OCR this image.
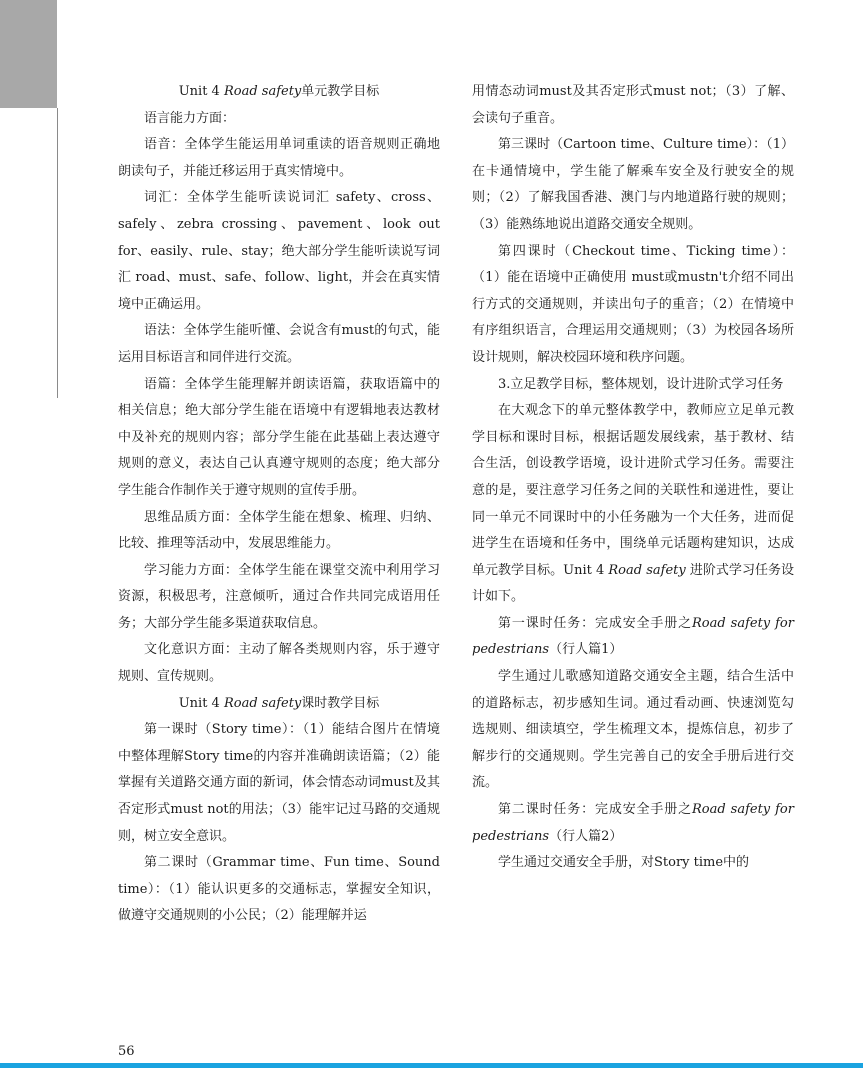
Unit 4 Road safety单元教学目标

语言能力方面：

语音：全体学生能运用单词重读的语音规则正确地朗读句子，并能迁移运用于真实情境中。

词汇：全体学生能听读说词汇 safety、cross、safely、zebra crossing、pavement、look out for、easily、rule、stay；绝大部分学生能听读说写词汇 road、must、safe、follow、light，并会在真实情境中正确运用。

语法：全体学生能听懂、会说含有must的句式，能运用目标语言和同伴进行交流。

语篇：全体学生能理解并朗读语篇，获取语篇中的相关信息；绝大部分学生能在语境中有逻辑地表达教材中及补充的规则内容；部分学生能在此基础上表达遵守规则的意义，表达自己认真遵守规则的态度；绝大部分学生能合作制作关于遵守规则的宣传手册。

思维品质方面：全体学生能在想象、梳理、归纳、比较、推理等活动中，发展思维能力。

学习能力方面：全体学生能在课堂交流中利用学习资源，积极思考，注意倾听，通过合作共同完成语用任务；大部分学生能多渠道获取信息。

文化意识方面：主动了解各类规则内容，乐于遵守规则、宣传规则。

Unit 4 Road safety课时教学目标

第一课时（Story time）：（1）能结合图片在情境中整体理解Story time的内容并准确朗读语篇；（2）能掌握有关道路交通方面的新词，体会情态动词must及其否定形式must not的用法；（3）能牢记过马路的交通规则，树立安全意识。

第二课时（Grammar time、Fun time、Sound time）：（1）能认识更多的交通标志，掌握安全知识，做遵守交通规则的小公民；（2）能理解并运

用情态动词must及其否定形式must not；（3）了解、会读句子重音。

第三课时（Cartoon time、Culture time）：（1）在卡通情境中，学生能了解乘车安全及行驶安全的规则；（2）了解我国香港、澳门与内地道路行驶的规则；（3）能熟练地说出道路交通安全规则。

第四课时（Checkout time、Ticking time）：（1）能在语境中正确使用 must或mustn't介绍不同出行方式的交通规则，并读出句子的重音；（2）在情境中有序组织语言，合理运用交通规则；（3）为校园各场所设计规则，解决校园环境和秩序问题。

3.立足教学目标，整体规划，设计进阶式学习任务

在大观念下的单元整体教学中，教师应立足单元教学目标和课时目标，根据话题发展线索，基于教材、结合生活，创设教学语境，设计进阶式学习任务。需要注意的是，要注意学习任务之间的关联性和递进性，要让同一单元不同课时中的小任务融为一个大任务，进而促进学生在语境和任务中，围绕单元话题构建知识，达成单元教学目标。Unit 4 Road safety 进阶式学习任务设计如下。

第一课时任务：完成安全手册之Road safety for pedestrians（行人篇1）

学生通过儿歌感知道路交通安全主题，结合生活中的道路标志，初步感知生词。通过看动画、快速浏览勾选规则、细读填空，学生梳理文本，提炼信息，初步了解步行的交通规则。学生完善自己的安全手册后进行交流。

第二课时任务：完成安全手册之Road safety for pedestrians（行人篇2）

学生通过交通安全手册，对Story time中的

56
